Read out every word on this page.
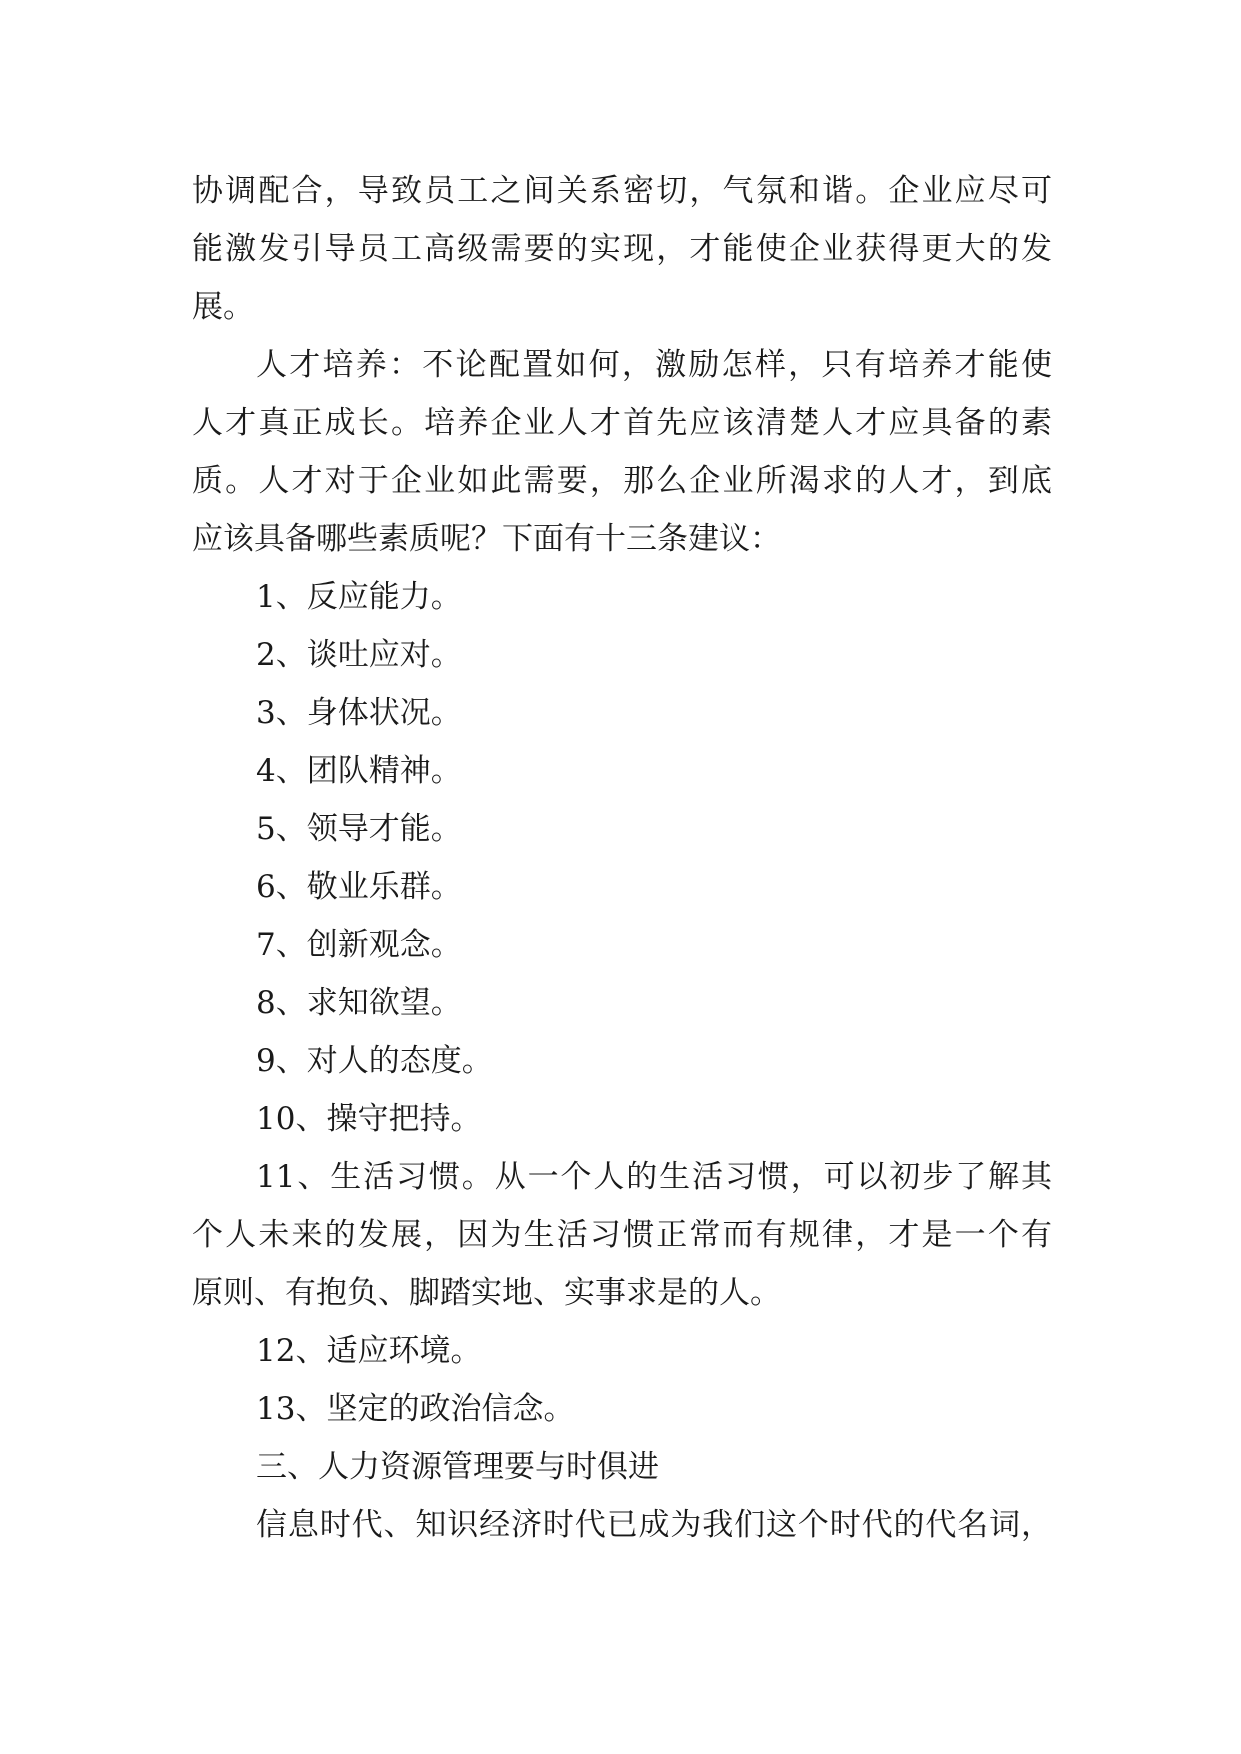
协调配合，导致员工之间关系密切，气氛和谐。企业应尽可
能激发引导员工高级需要的实现，才能使企业获得更大的发
展。
人才培养：不论配置如何，激励怎样，只有培养才能使
人才真正成长。培养企业人才首先应该清楚人才应具备的素
质。人才对于企业如此需要，那么企业所渴求的人才，到底
应该具备哪些素质呢？下面有十三条建议：
1、反应能力。
2、谈吐应对。
3、身体状况。
4、团队精神。
5、领导才能。
6、敬业乐群。
7、创新观念。
8、求知欲望。
9、对人的态度。
10、操守把持。
11、生活习惯。从一个人的生活习惯，可以初步了解其
个人未来的发展，因为生活习惯正常而有规律，才是一个有
原则、有抱负、脚踏实地、实事求是的人。
12、适应环境。
13、坚定的政治信念。
三、人力资源管理要与时俱进
信息时代、知识经济时代已成为我们这个时代的代名词，
